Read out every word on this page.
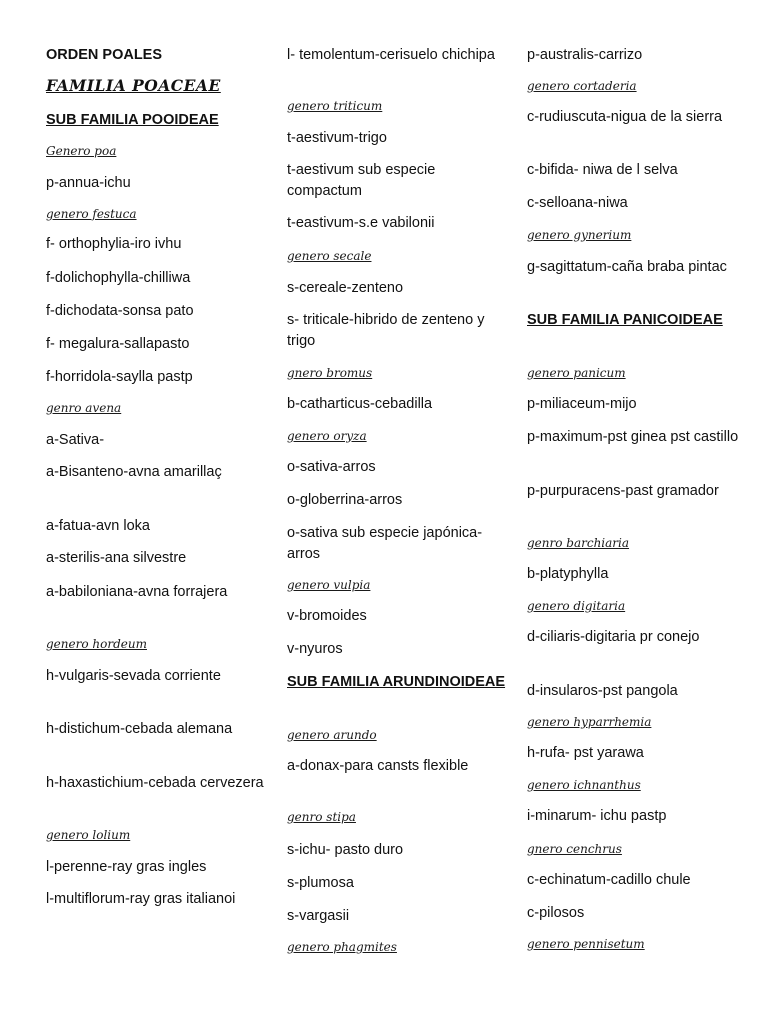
ORDEN POALES
FAMILIA POACEAE
SUB FAMILIA POOIDEAE
Genero poa
p-annua-ichu
genero festuca
f- orthophylia-iro ivhu
f-dolichophylla-chilliwa
f-dichodata-sonsa pato
f- megalura-sallapasto
f-horridola-saylla pastp
genro avena
a-Sativa-
a-Bisanteno-avna amarillaç
a-fatua-avn loka
a-sterilis-ana silvestre
a-babiloniana-avna forrajera
genero hordeum
h-vulgaris-sevada corriente
h-distichum-cebada alemana
h-haxastichium-cebada cervezera
genero lolium
l-perenne-ray gras ingles
l-multiflorum-ray gras italianoi
l- temolentum-cerisuelo chichipa
genero triticum
t-aestivum-trigo
t-aestivum sub especie compactum
t-eastivum-s.e vabilonii
genero secale
s-cereale-zenteno
s- triticale-hibrido de zenteno y trigo
gnero bromus
b-catharticus-cebadilla
genero oryza
o-sativa-arros
o-globerrina-arros
o-sativa sub especie japónica-arros
genero vulpia
v-bromoides
v-nyuros
SUB FAMILIA ARUNDINOIDEAE
genero arundo
a-donax-para cansts flexible
genro stipa
s-ichu- pasto duro
s-plumosa
s-vargasii
genero phagmites
p-australis-carrizo
genero cortaderia
c-rudiuscuta-nigua de la sierra
c-bifida- niwa de l selva
c-selloana-niwa
genero gynerium
g-sagittatum-caña braba pintac
SUB FAMILIA PANICOIDEAE
genero panicum
p-miliaceum-mijo
p-maximum-pst ginea pst castillo
p-purpuracens-past gramador
genro barchiaria
b-platyphylla
genero digitaria
d-ciliaris-digitaria pr conejo
d-insularos-pst pangola
genero hyparrhemia
h-rufa- pst yarawa
genero ichnanthus
i-minarum- ichu pastp
gnero cenchrus
c-echinatum-cadillo chule
c-pilosos
genero pennisetum
